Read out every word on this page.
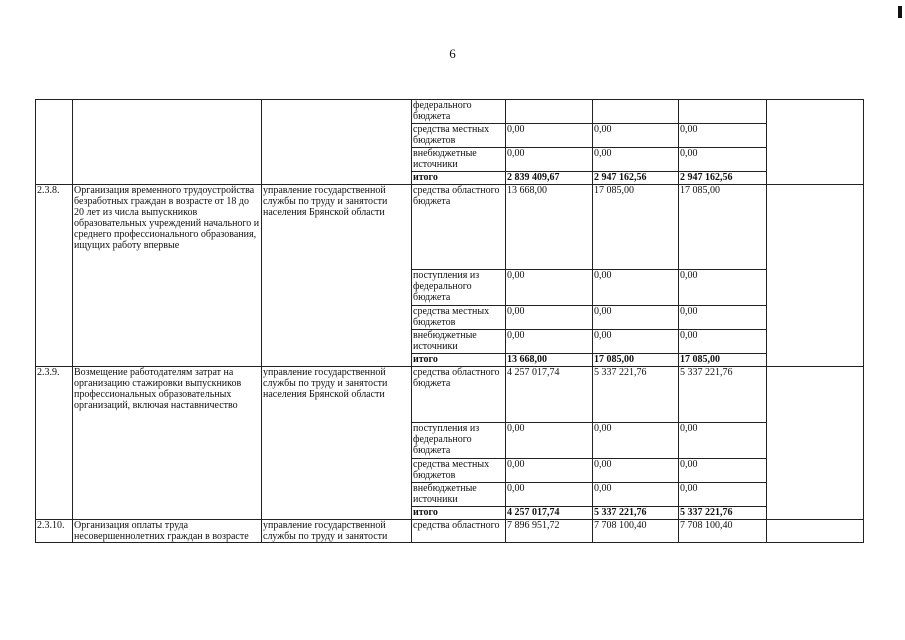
6
			федерального бюджета				
			средства местных бюджетов	0,00	0,00	0,00	
			внебюджетные источники	0,00	0,00	0,00	
			итого	2 839 409,67	2 947 162,56	2 947 162,56	
2.3.8.	Организация временного трудоустройства безработных граждан в возрасте от 18 до 20 лет из числа выпускников образовательных учреждений начального и среднего профессионального образования, ищущих работу впервые	управление государственной службы по труду и занятости населения Брянской области	средства областного бюджета	13 668,00	17 085,00	17 085,00	
			поступления из федерального бюджета	0,00	0,00	0,00	
			средства местных бюджетов	0,00	0,00	0,00	
			внебюджетные источники	0,00	0,00	0,00	
			итого	13 668,00	17 085,00	17 085,00	
2.3.9.	Возмещение работодателям затрат на организацию стажировки выпускников профессиональных образовательных организаций, включая наставничество	управление государственной службы по труду и занятости населения Брянской области	средства областного бюджета	4 257 017,74	5 337 221,76	5 337 221,76	
			поступления из федерального бюджета	0,00	0,00	0,00	
			средства местных бюджетов	0,00	0,00	0,00	
			внебюджетные источники	0,00	0,00	0,00	
			итого	4 257 017,74	5 337 221,76	5 337 221,76	
2.3.10.	Организация оплаты труда несовершеннолетних граждан в возрасте	управление государственной службы по труду и занятости	средства областного	7 896 951,72	7 708 100,40	7 708 100,40	
